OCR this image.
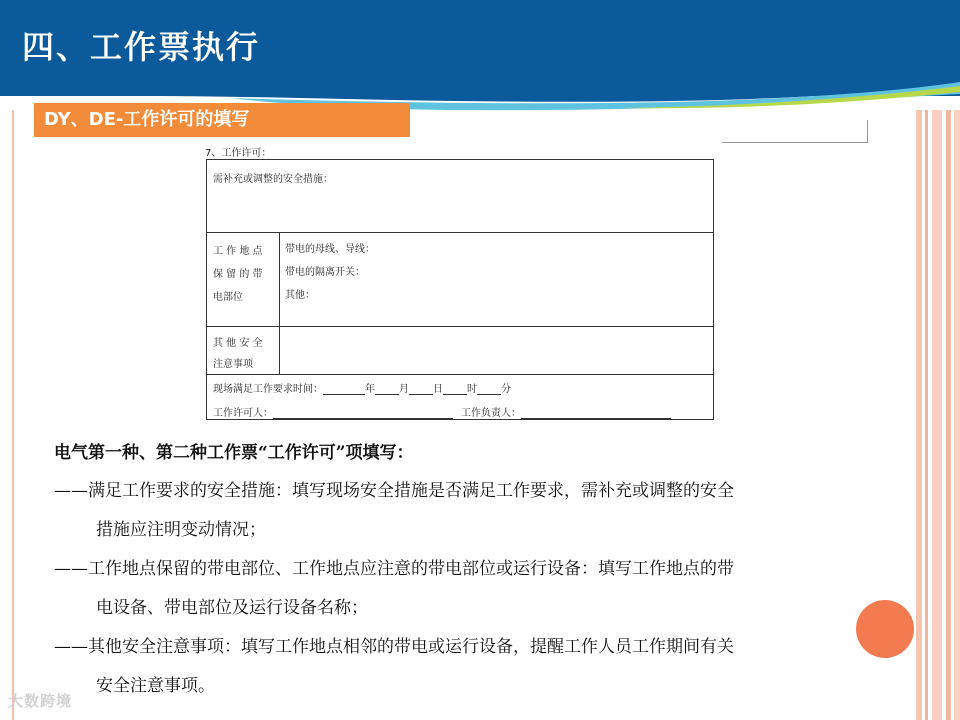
四、工作票执行
DY、DE-工作许可的填写
7、工作许可：
需补充或调整的安全措施：
工 作 地 点
保 留 的 带
电部位
带电的母线、导线：
带电的隔离开关：
其他：
其 他 安 全
注意事项
现场满足工作要求时间：	年 月 日 时 分
工作许可人：	工作负责人：
电气第一种、第二种工作票“工作许可”项填写：
——满足工作要求的安全措施：填写现场安全措施是否满足工作要求，需补充或调整的安全
措施应注明变动情况；
——工作地点保留的带电部位、工作地点应注意的带电部位或运行设备：填写工作地点的带
电设备、带电部位及运行设备名称；
——其他安全注意事项：填写工作地点相邻的带电或运行设备，提醒工作人员工作期间有关
安全注意事项。
大数跨境
